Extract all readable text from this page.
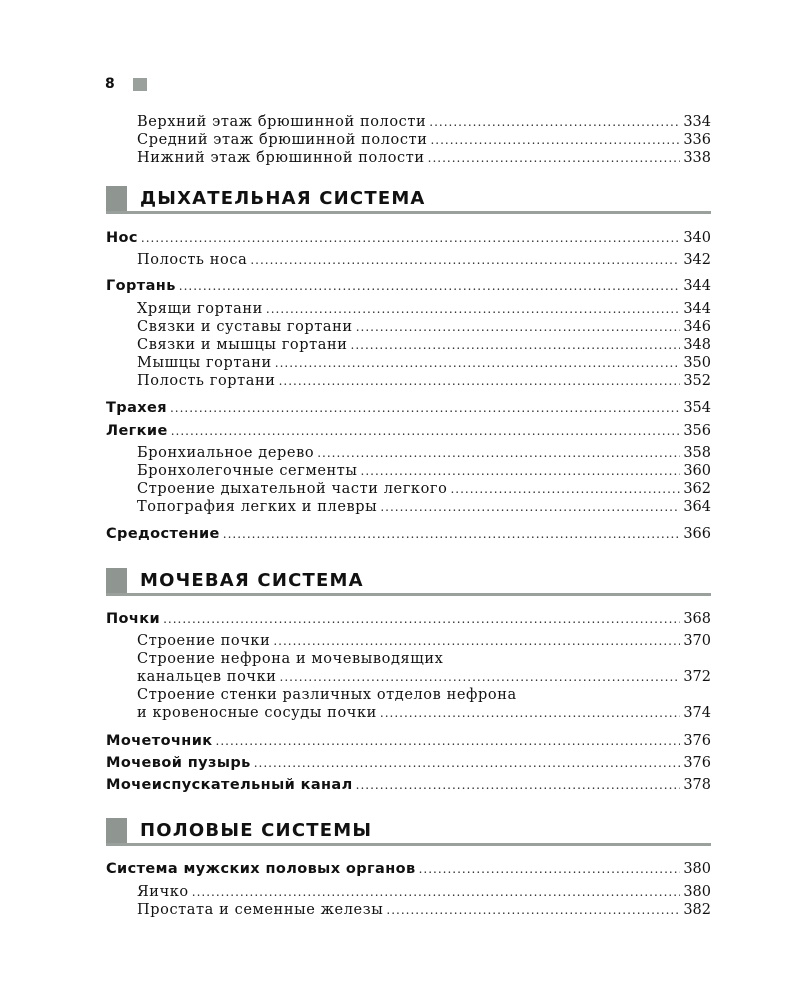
8
Верхний этаж брюшинной полости .....	334
Средний этаж брюшинной полости .....	336
Нижний этаж брюшинной полости .....	338
ДЫХАТЕЛЬНАЯ СИСТЕМА
Нос .....	340
Полость носа .....	342
Гортань .....	344
Хрящи гортани .....	344
Связки и суставы гортани .....	346
Связки и мышцы гортани .....	348
Мышцы гортани .....	350
Полость гортани .....	352
Трахея .....	354
Легкие .....	356
Бронхиальное дерево .....	358
Бронхолегочные сегменты .....	360
Строение дыхательной части легкого .....	362
Топография легких и плевры .....	364
Средостение .....	366
МОЧЕВАЯ СИСТЕМА
Почки .....	368
Строение почки .....	370
Строение нефрона и мочевыводящих
канальцев почки .....	372
Строение стенки различных отделов нефрона
и кровеносные сосуды почки .....	374
Мочеточник .....	376
Мочевой пузырь .....	376
Мочеиспускательный канал .....	378
ПОЛОВЫЕ СИСТЕМЫ
Система мужских половых органов .....	380
Яичко .....	380
Простата и семенные железы .....	382
